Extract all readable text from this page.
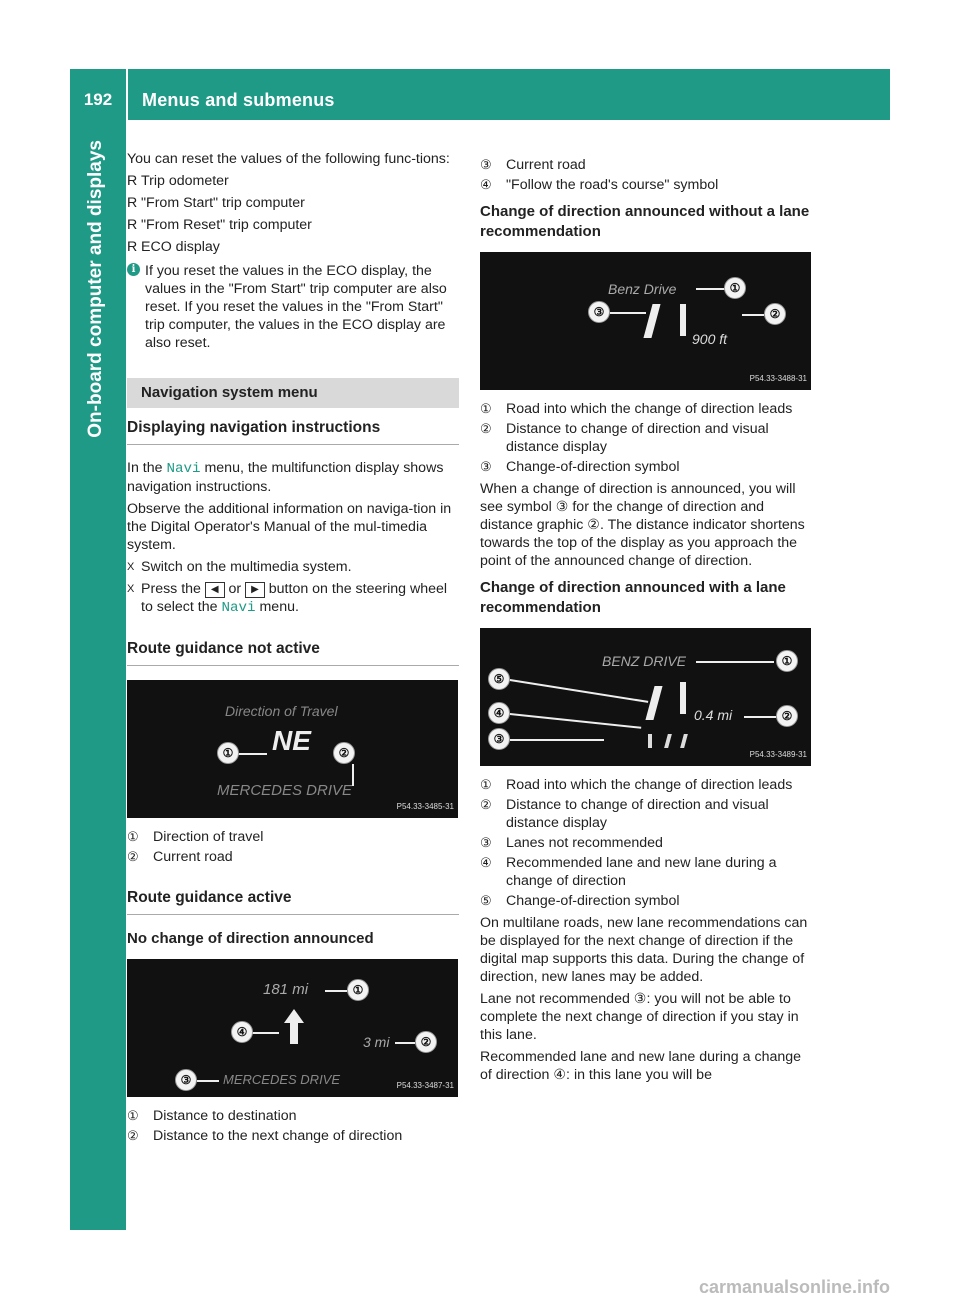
192	Menus and submenus
On-board computer and displays You can reset the values of the following func-tions:

R Trip odometer
R "From Start" trip computer
R "From Reset" trip computer
R ECO display
i If you reset the values in the ECO display, the values in the "From Start" trip computer are also reset. If you reset the values in the "From Start" trip computer, the values in the ECO display are also reset.
Navigation system menu
Displaying navigation instructions

In the Navi menu, the multifunction display shows navigation instructions.

Observe the additional information on naviga-tion in the Digital Operator's Manual of the mul-timedia system.

X Switch on the multimedia system.
X Press the ◀ or ▶ button on the steering wheel to select the Navi menu.
Route guidance not active
Direction of Travel
NE
MERCEDES DRIVE
①	②
P54.33-3485-31
① Direction of travel
② Current road
Route guidance active
No change of direction announced
181 mi
3 mi
MERCEDES DRIVE
①
②
③
④
P54.33-3487-31
① Distance to destination
② Distance to the next change of direction
③ Current road
④ "Follow the road's course" symbol
Change of direction announced without a lane recommendation
Benz Drive
900 ft
①
②
③
P54.33-3488-31
① Road into which the change of direction leads
② Distance to change of direction and visual distance display
③ Change-of-direction symbol

When a change of direction is announced, you will see symbol ③ for the change of direction and distance graphic ②. The distance indicator shortens towards the top of the display as you approach the point of the announced change of direction.

Change of direction announced with a lane recommendation
BENZ DRIVE
0.4 mi
①
②
③
④
⑤
P54.33-3489-31
① Road into which the change of direction leads
② Distance to change of direction and visual distance display
③ Lanes not recommended
④ Recommended lane and new lane during a change of direction
⑤ Change-of-direction symbol

On multilane roads, new lane recommendations can be displayed for the next change of direction if the digital map supports this data. During the change of direction, new lanes may be added.

Lane not recommended ③: you will not be able to complete the next change of direction if you stay in this lane.

Recommended lane and new lane during a change of direction ④: in this lane you will be

carmanualsonline.info
